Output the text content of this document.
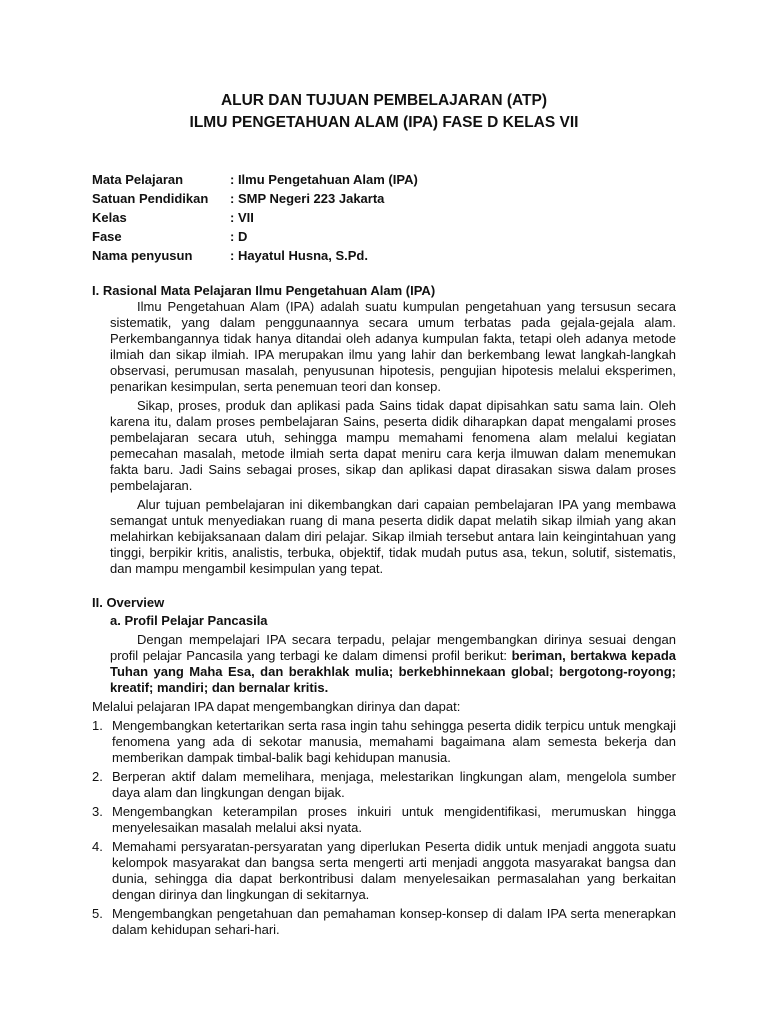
ALUR DAN TUJUAN PEMBELAJARAN (ATP)
ILMU PENGETAHUAN ALAM (IPA) FASE D KELAS VII
Mata Pelajaran	: Ilmu Pengetahuan Alam (IPA)
Satuan Pendidikan	: SMP Negeri 223 Jakarta
Kelas	: VII
Fase	: D
Nama penyusun	: Hayatul Husna, S.Pd.
I. Rasional Mata Pelajaran Ilmu Pengetahuan Alam (IPA)

Ilmu Pengetahuan Alam (IPA) adalah suatu kumpulan pengetahuan yang tersusun secara sistematik, yang dalam penggunaannya secara umum terbatas pada gejala-gejala alam. Perkembangannya tidak hanya ditandai oleh adanya kumpulan fakta, tetapi oleh adanya metode ilmiah dan sikap ilmiah. IPA merupakan ilmu yang lahir dan berkembang lewat langkah-langkah observasi, perumusan masalah, penyusunan hipotesis, pengujian hipotesis melalui eksperimen, penarikan kesimpulan, serta penemuan teori dan konsep.

Sikap, proses, produk dan aplikasi pada Sains tidak dapat dipisahkan satu sama lain. Oleh karena itu, dalam proses pembelajaran Sains, peserta didik diharapkan dapat mengalami proses pembelajaran secara utuh, sehingga mampu memahami fenomena alam melalui kegiatan pemecahan masalah, metode ilmiah serta dapat meniru cara kerja ilmuwan dalam menemukan fakta baru. Jadi Sains sebagai proses, sikap dan aplikasi dapat dirasakan siswa dalam proses pembelajaran.

Alur tujuan pembelajaran ini dikembangkan dari capaian pembelajaran IPA yang membawa semangat untuk menyediakan ruang di mana peserta didik dapat melatih sikap ilmiah yang akan melahirkan kebijaksanaan dalam diri pelajar. Sikap ilmiah tersebut antara lain keingintahuan yang tinggi, berpikir kritis, analistis, terbuka, objektif, tidak mudah putus asa, tekun, solutif, sistematis, dan mampu mengambil kesimpulan yang tepat.

II. Overview
a. Profil Pelajar Pancasila

Dengan mempelajari IPA secara terpadu, pelajar mengembangkan dirinya sesuai dengan profil pelajar Pancasila yang terbagi ke dalam dimensi profil berikut: beriman, bertakwa kepada Tuhan yang Maha Esa, dan berakhlak mulia; berkebhinnekaan global; bergotong-royong; kreatif; mandiri; dan bernalar kritis.

Melalui pelajaran IPA dapat mengembangkan dirinya dan dapat:

1. Mengembangkan ketertarikan serta rasa ingin tahu sehingga peserta didik terpicu untuk mengkaji fenomena yang ada di sekotar manusia, memahami bagaimana alam semesta bekerja dan memberikan dampak timbal-balik bagi kehidupan manusia.
2. Berperan aktif dalam memelihara, menjaga, melestarikan lingkungan alam, mengelola sumber daya alam dan lingkungan dengan bijak.
3. Mengembangkan keterampilan proses inkuiri untuk mengidentifikasi, merumuskan hingga menyelesaikan masalah melalui aksi nyata.
4. Memahami persyaratan-persyaratan yang diperlukan Peserta didik untuk menjadi anggota suatu kelompok masyarakat dan bangsa serta mengerti arti menjadi anggota masyarakat bangsa dan dunia, sehingga dia dapat berkontribusi dalam menyelesaikan permasalahan yang berkaitan dengan dirinya dan lingkungan di sekitarnya.
5. Mengembangkan pengetahuan dan pemahaman konsep-konsep di dalam IPA serta menerapkan dalam kehidupan sehari-hari.
